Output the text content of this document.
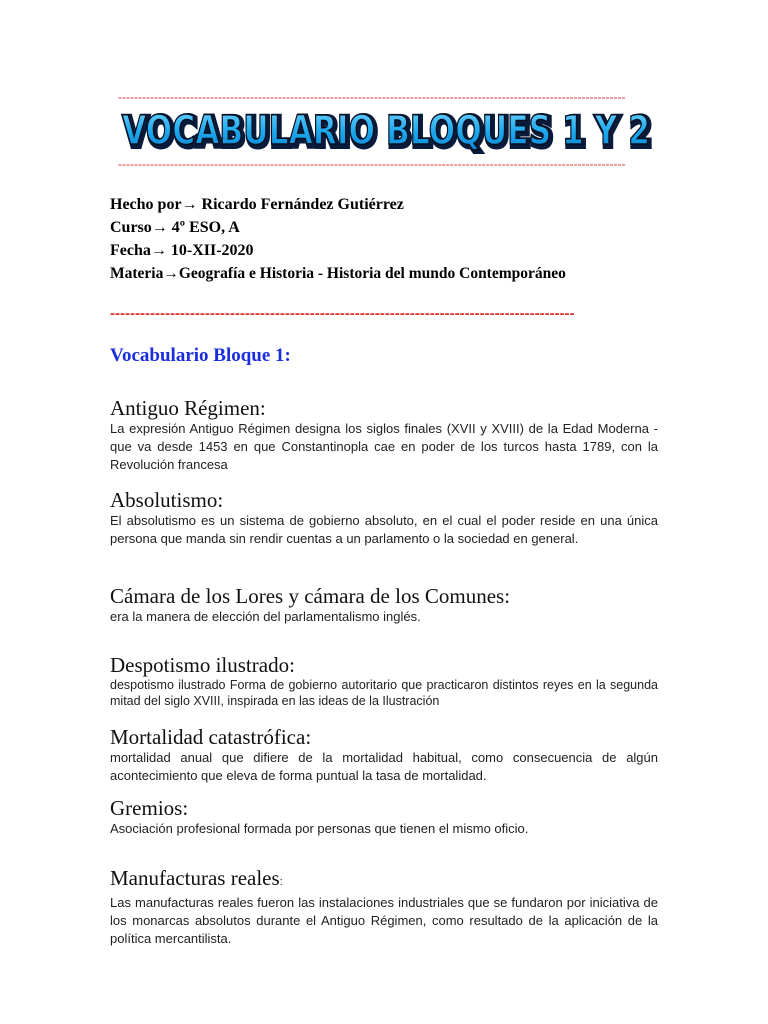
-------------------------------------------------------------------------------------------------------------------------------
VOCABULARIO BLOQUES 1 Y 2
VOCABULARIO BLOQUES 1 Y 2
-------------------------------------------------------------------------------------------------------------------------------
Hecho por→ Ricardo Fernández Gutiérrez
Curso→ 4º ESO, A
Fecha→ 10-XII-2020
Materia→Geografía e Historia - Historia del mundo Contemporáneo
---------------------------------------------------------------------------------------------
Vocabulario Bloque 1:
Antiguo Régimen:
La expresión Antiguo Régimen designa los siglos finales (XVII y XVIII) de la Edad Moderna -que va desde 1453 en que Constantinopla cae en poder de los turcos hasta 1789, con la Revolución francesa
Absolutismo:
El absolutismo es un sistema de gobierno absoluto, en el cual el poder reside en una única persona que manda sin rendir cuentas a un parlamento o la sociedad en general.
Cámara de los Lores y cámara de los Comunes:
era la manera de elección del parlamentalismo inglés.
Despotismo ilustrado:
despotismo ilustrado Forma de gobierno autoritario que practicaron distintos reyes en la segunda mitad del siglo XVIII, inspirada en las ideas de la Ilustración
Mortalidad catastrófica:
mortalidad anual que difiere de la mortalidad habitual, como consecuencia de algún acontecimiento que eleva de forma puntual la tasa de mortalidad.
Gremios:
Asociación profesional formada por personas que tienen el mismo oficio.
Manufacturas reales:
Las manufacturas reales fueron las instalaciones industriales que se fundaron por iniciativa de los monarcas absolutos durante el Antiguo Régimen, como resultado de la aplicación de la política mercantilista.
